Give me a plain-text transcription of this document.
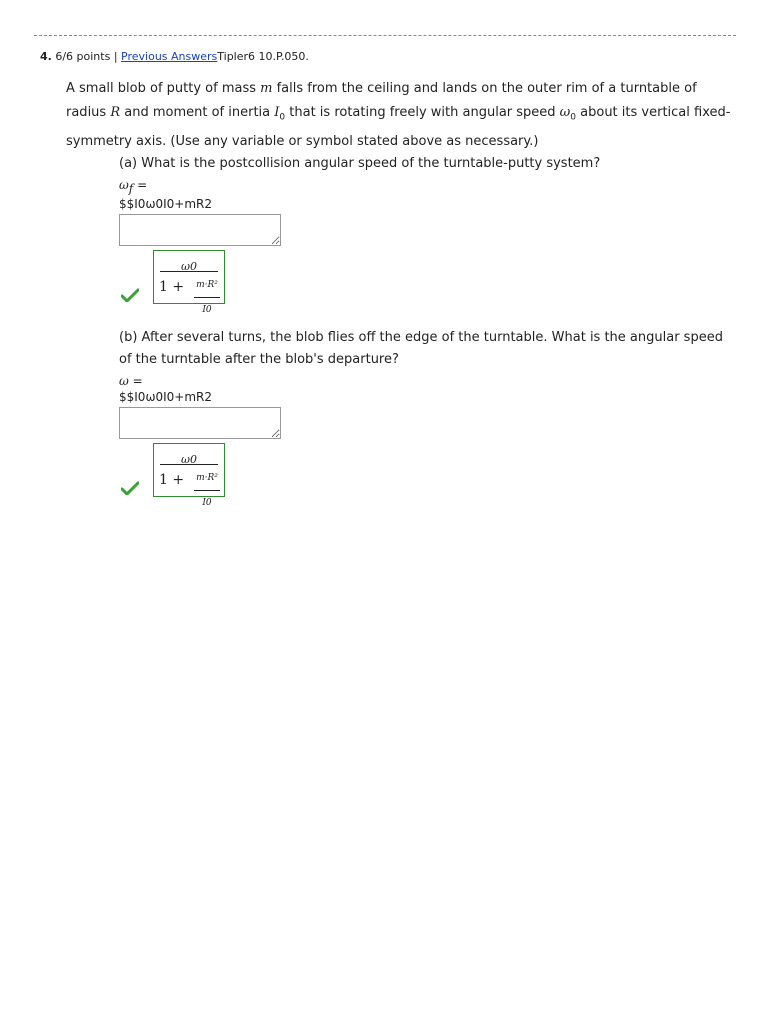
4. 6/6 points | Previous AnswersTipler6 10.P.050.
A small blob of putty of mass m falls from the ceiling and lands on the outer rim of a turntable of radius R and moment of inertia $I_0$ that is rotating freely with angular speed $\omega_0$ about its vertical fixed-symmetry axis. (Use any variable or symbol stated above as necessary.)
(a) What is the postcollision angular speed of the turntable-putty system?
$\omega_f$ =
$$I0ω0I0+mR2
ω0
1 + m·R²
I0
(b) After several turns, the blob flies off the edge of the turntable. What is the angular speed of the turntable after the blob's departure?
ω =
$$I0ω0I0+mR2
ω0
1 + m·R²
I0
